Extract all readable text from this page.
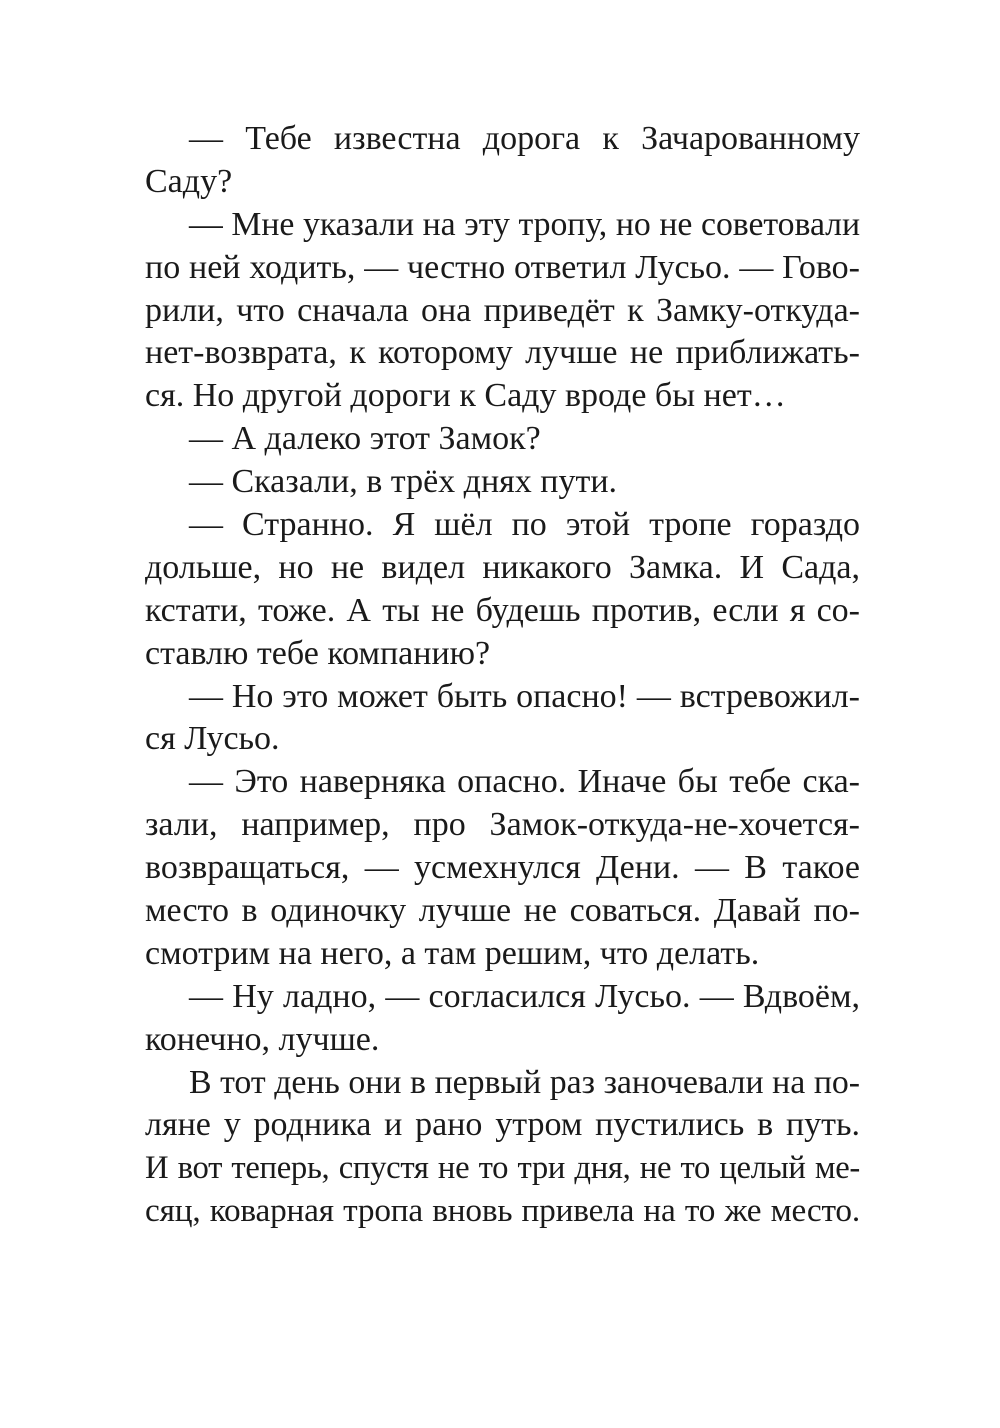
— Тебе известна дорога к Зачарованному
Саду?
— Мне указали на эту тропу, но не советовали
по ней ходить, — честно ответил Лусьо. — Гово-
рили, что сначала она приведёт к Замку-откуда-
нет-возврата, к которому лучше не приближать-
ся. Но другой дороги к Саду вроде бы нет…
— А далеко этот Замок?
— Сказали, в трёх днях пути.
— Странно. Я шёл по этой тропе гораздо
дольше, но не видел никакого Замка. И Сада,
кстати, тоже. А ты не будешь против, если я со-
ставлю тебе компанию?
— Но это может быть опасно! — встревожил-
ся Лусьо.
— Это наверняка опасно. Иначе бы тебе ска-
зали, например, про Замок-откуда-не-хочется-
возвращаться, — усмехнулся Дени. — В такое
место в одиночку лучше не соваться. Давай по-
смотрим на него, а там решим, что делать.
— Ну ладно, — согласился Лусьо. — Вдвоём,
конечно, лучше.
В тот день они в первый раз заночевали на по-
ляне у родника и рано утром пустились в путь.
И вот теперь, спустя не то три дня, не то целый ме-
сяц, коварная тропа вновь привела на то же место.
